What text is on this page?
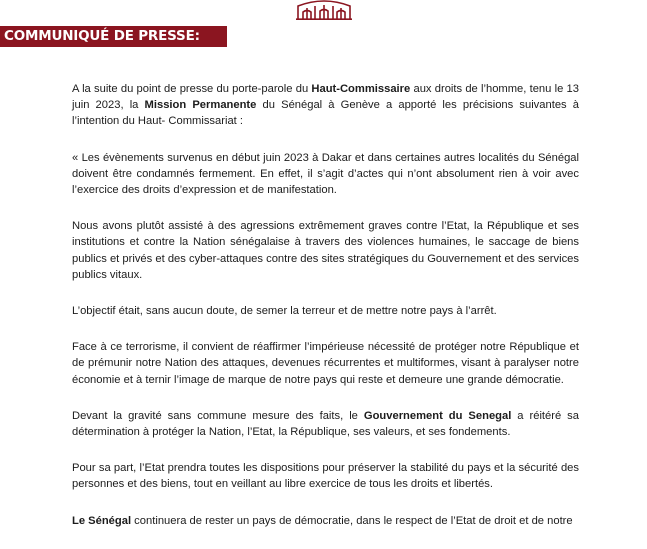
COMMUNIQUÉ DE PRESSE:

A la suite du point de presse du porte-parole du Haut-Commissaire aux droits de l’homme, tenu le 13 juin 2023, la Mission Permanente du Sénégal à Genève a apporté les précisions suivantes à l’intention du Haut- Commissariat :

« Les évènements survenus en début juin 2023 à Dakar et dans certaines autres localités du Sénégal doivent être condamnés fermement. En effet, il s’agit d’actes qui n’ont absolument rien à voir avec l’exercice des droits d’expression et de manifestation.

Nous avons plutôt assisté à des agressions extrêmement graves contre l’Etat, la République et ses institutions et contre la Nation sénégalaise à travers des violences humaines, le saccage de biens publics et privés et des cyber-attaques contre des sites stratégiques du Gouvernement et des services publics vitaux.

L’objectif était, sans aucun doute, de semer la terreur et de mettre notre pays à l’arrêt.

Face à ce terrorisme, il convient de réaffirmer l’impérieuse nécessité de protéger notre République et de prémunir notre Nation des attaques, devenues récurrentes et multiformes, visant à paralyser notre économie et à ternir l’image de marque de notre pays qui reste et demeure une grande démocratie.

Devant la gravité sans commune mesure des faits, le Gouvernement du Senegal a réitéré sa détermination à protéger la Nation, l’Etat, la République, ses valeurs, et ses fondements.

Pour sa part, l’Etat prendra toutes les dispositions pour préserver la stabilité du pays et la sécurité des personnes et des biens, tout en veillant au libre exercice de tous les droits et libertés.

Le Sénégal continuera de rester un pays de démocratie, dans le respect de l’Etat de droit et de notre
